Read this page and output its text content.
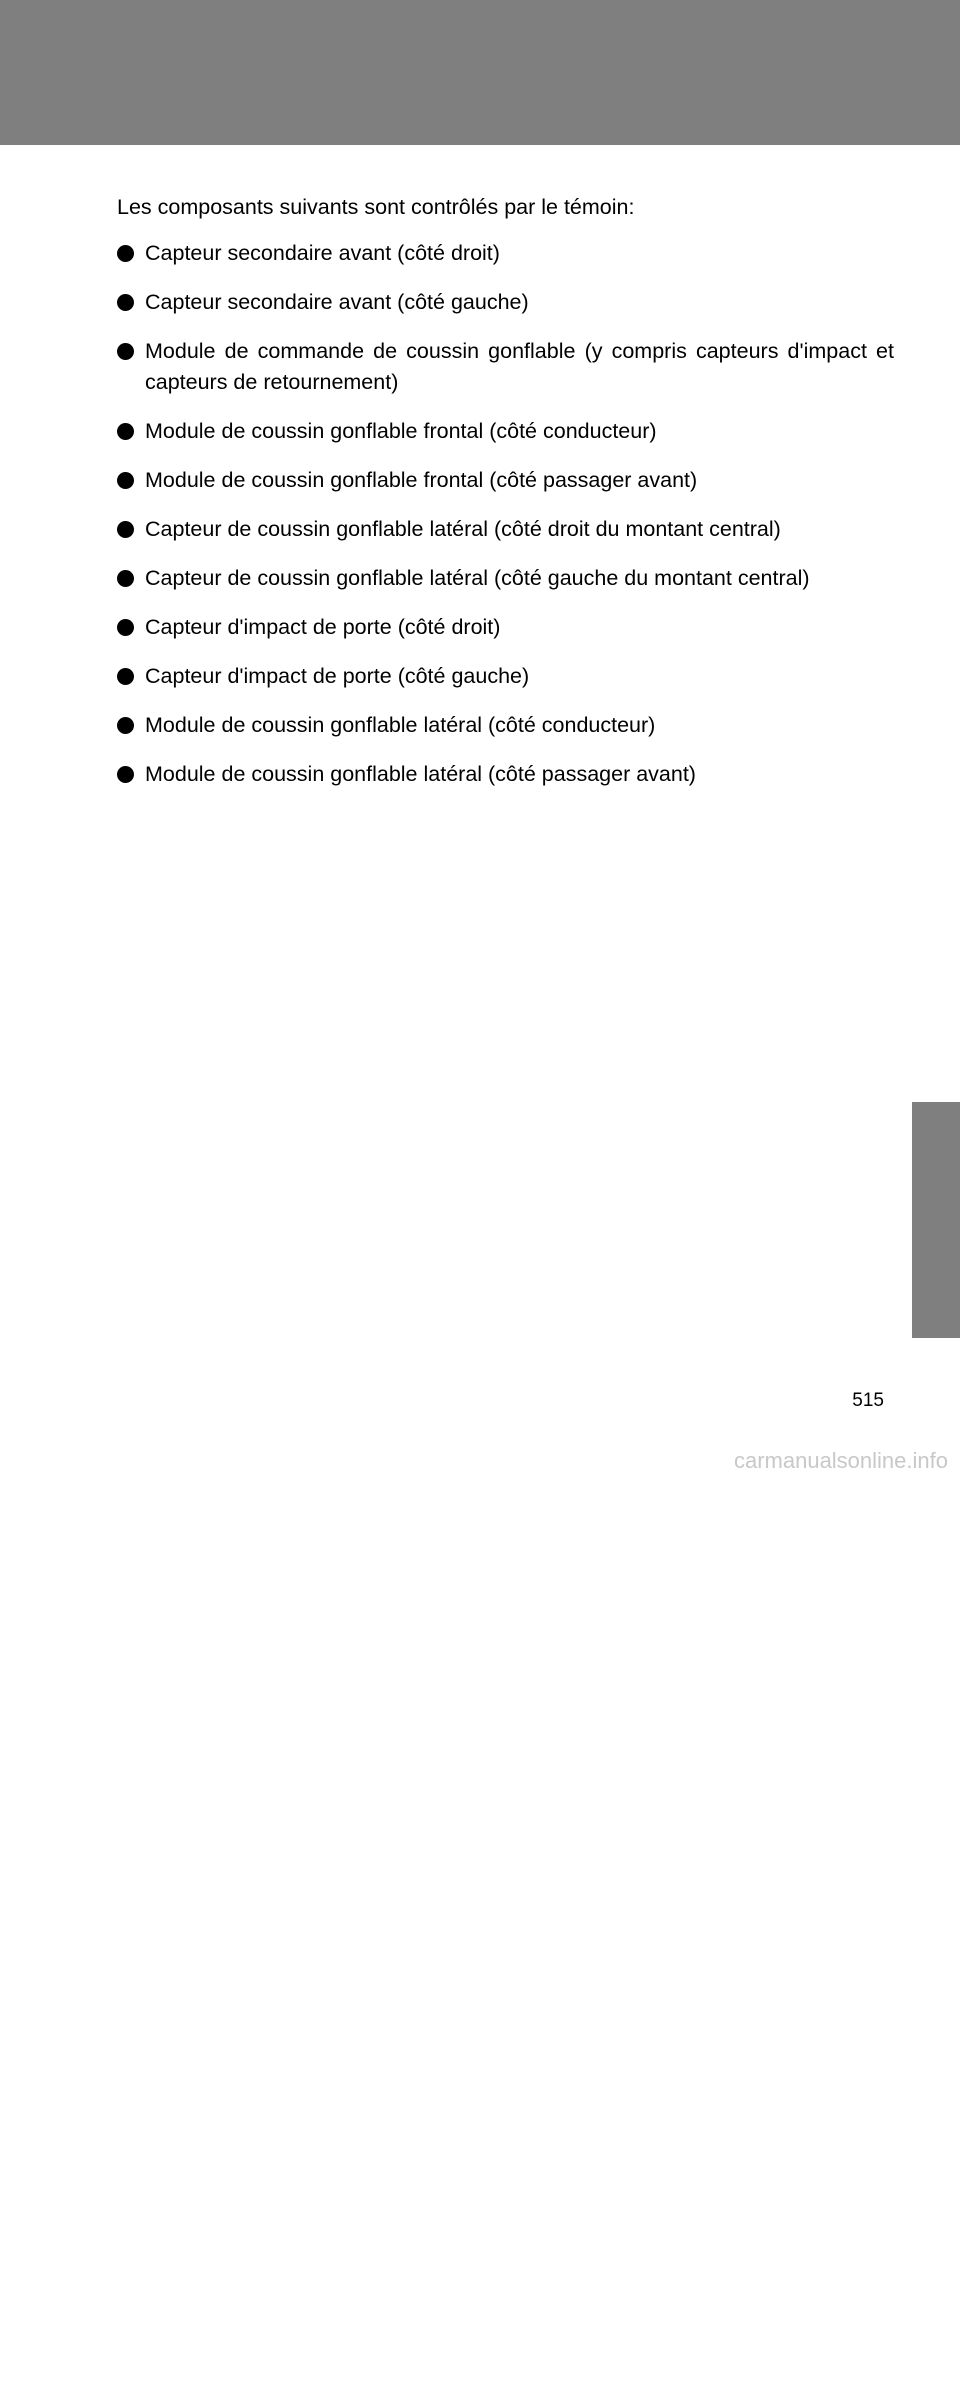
Les composants suivants sont contrôlés par le témoin:

Capteur secondaire avant (côté droit)
Capteur secondaire avant (côté gauche)
Module de commande de coussin gonflable (y compris capteurs d'impact et capteurs de retournement)
Module de coussin gonflable frontal (côté conducteur)
Module de coussin gonflable frontal (côté passager avant)
Capteur de coussin gonflable latéral (côté droit du montant central)
Capteur de coussin gonflable latéral (côté gauche du montant central)
Capteur d'impact de porte (côté droit)
Capteur d'impact de porte (côté gauche)
Module de coussin gonflable latéral (côté conducteur)
Module de coussin gonflable latéral (côté passager avant)
7
For owners
515
carmanualsonline.info
